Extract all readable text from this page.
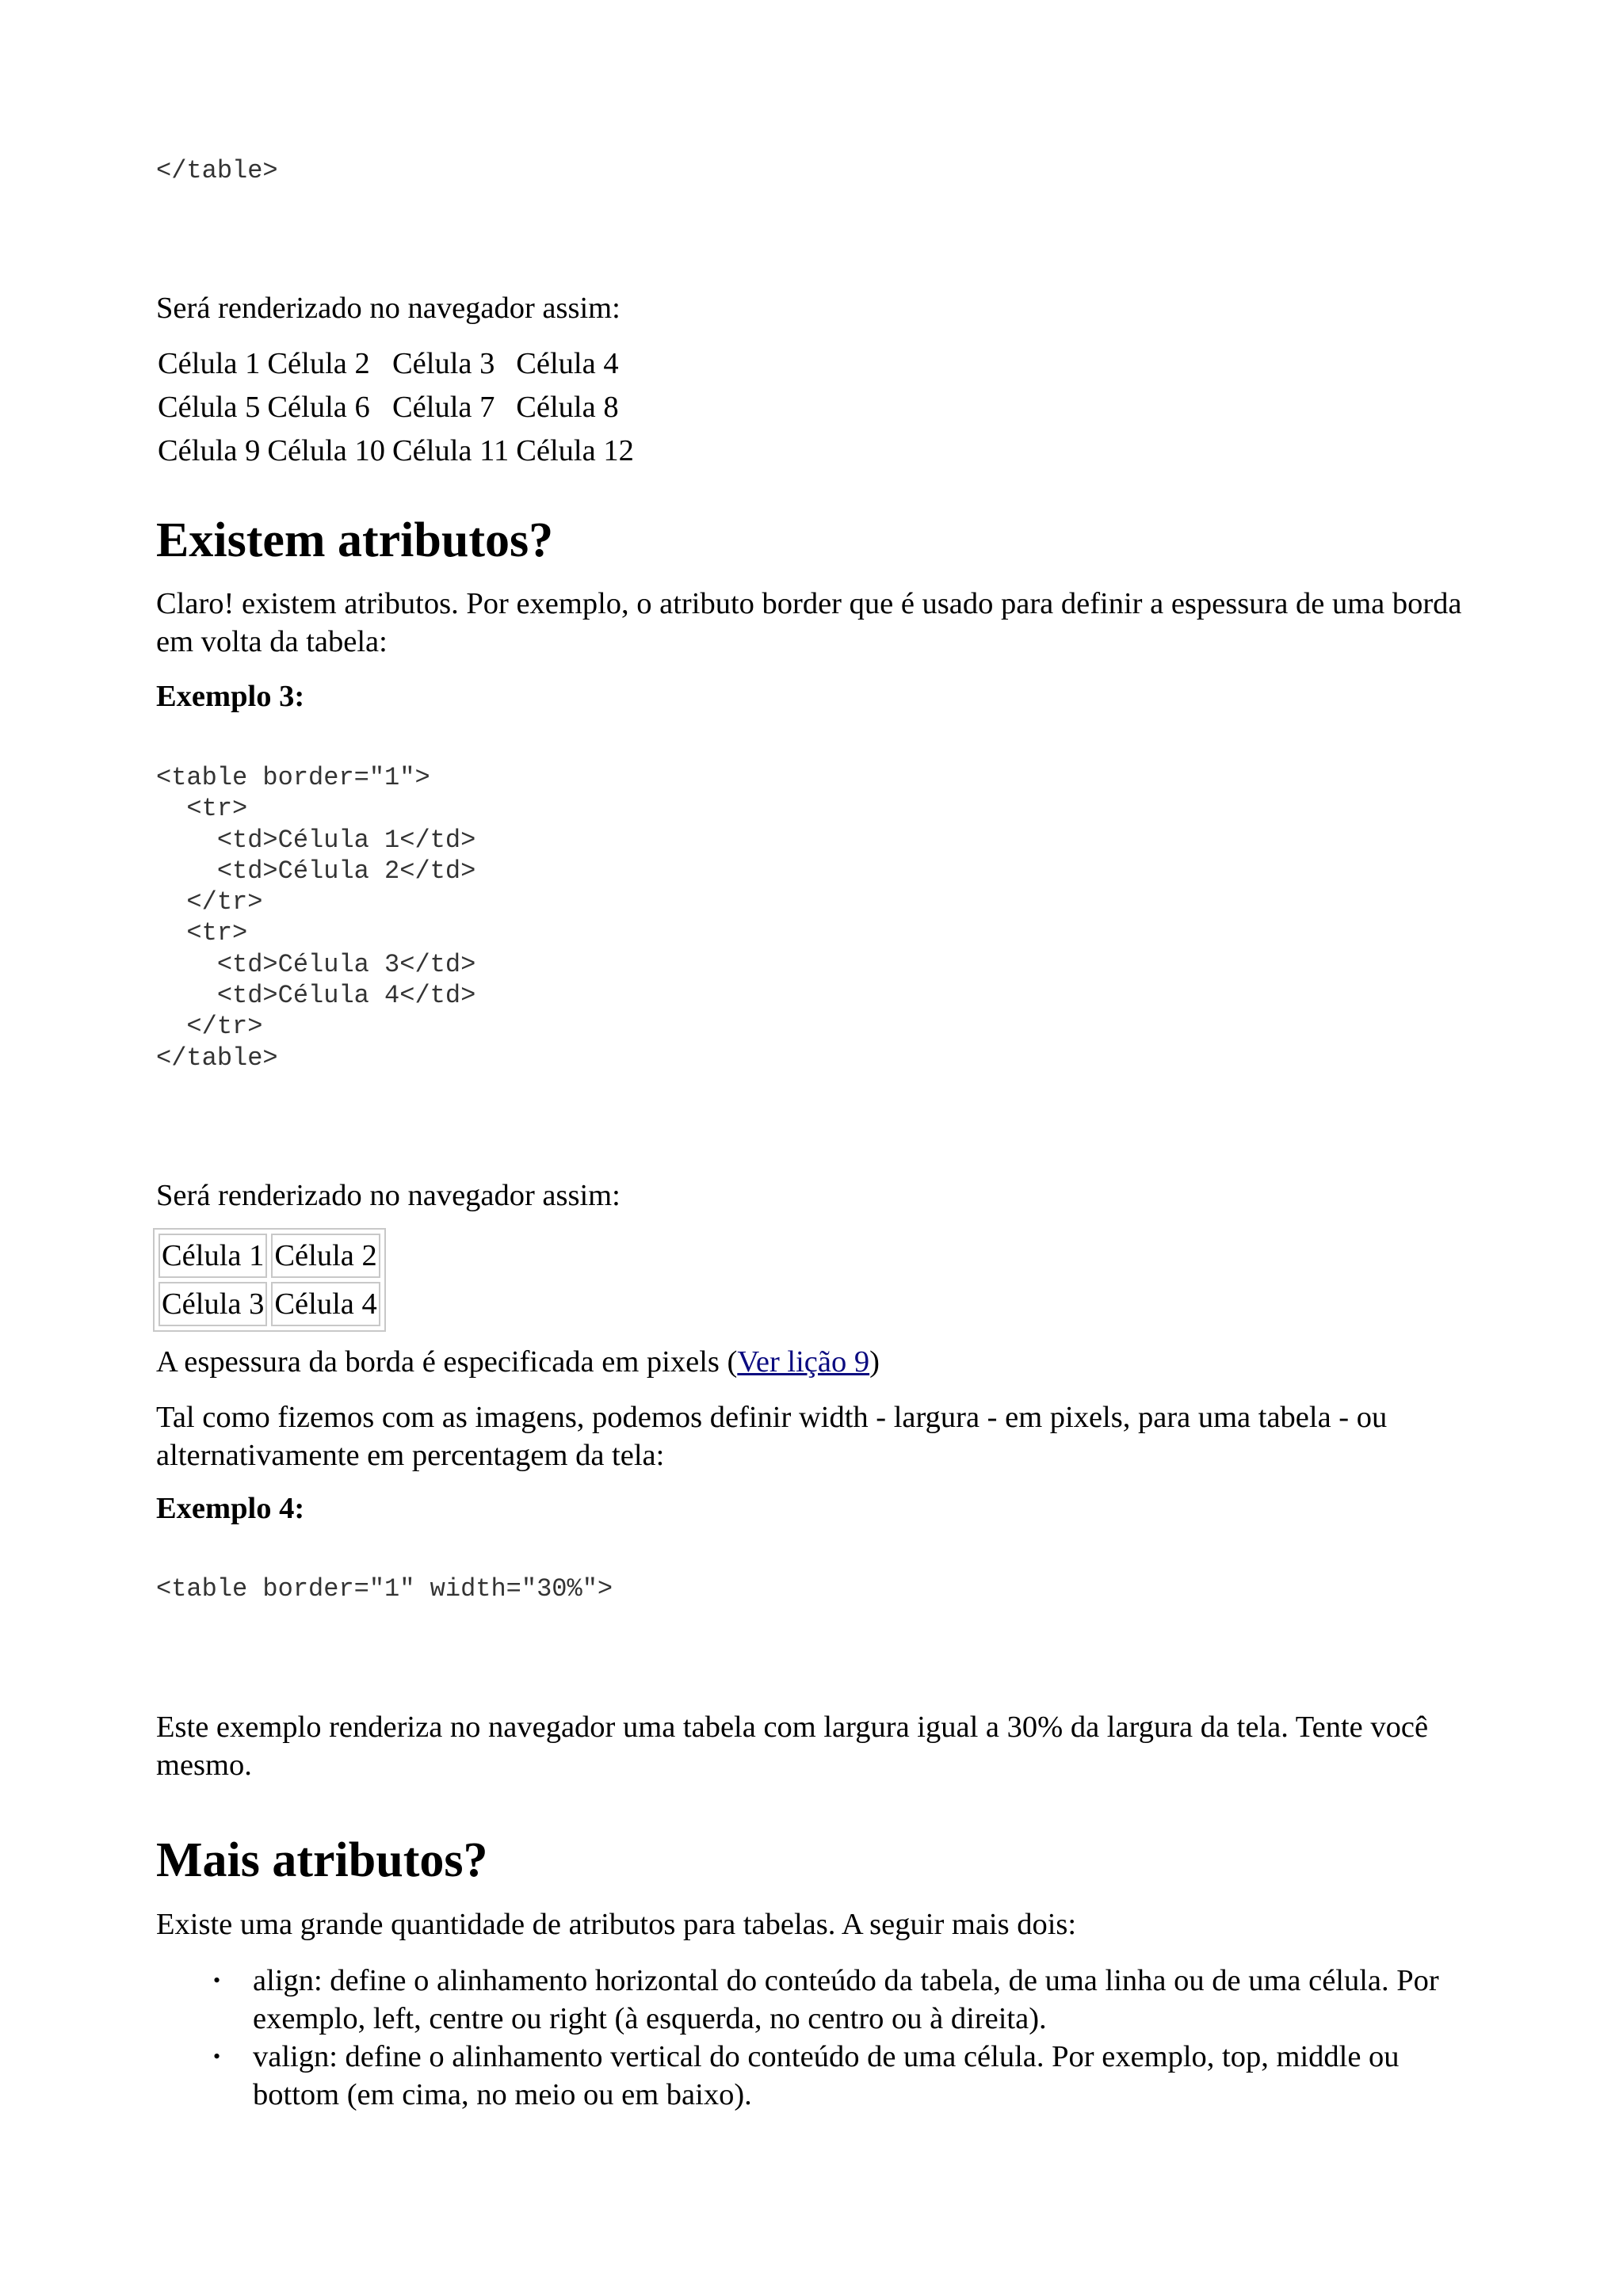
</table>

Será renderizado no navegador assim:

Célula 1	Célula 2	Célula 3	Célula 4
Célula 5	Célula 6	Célula 7	Célula 8
Célula 9	Célula 10	Célula 11	Célula 12
Existem atributos?

Claro! existem atributos. Por exemplo, o atributo border que é usado para definir a espessura de uma borda em volta da tabela:

Exemplo 3:

<table border="1">
<tr>
<td>Célula 1</td>
<td>Célula 2</td>
</tr>
<tr>
<td>Célula 3</td>
<td>Célula 4</td>
</tr>
</table>

Será renderizado no navegador assim:

Célula 1	Célula 2
Célula 3	Célula 4

A espessura da borda é especificada em pixels (Ver lição 9)

Tal como fizemos com as imagens, podemos definir width - largura - em pixels, para uma tabela - ou alternativamente em percentagem da tela:

Exemplo 4:

<table border="1" width="30%">

Este exemplo renderiza no navegador uma tabela com largura igual a 30% da largura da tela. Tente você mesmo.

Mais atributos?

Existe uma grande quantidade de atributos para tabelas. A seguir mais dois:

• align: define o alinhamento horizontal do conteúdo da tabela, de uma linha ou de uma célula. Por exemplo, left, centre ou right (à esquerda, no centro ou à direita).
• valign: define o alinhamento vertical do conteúdo de uma célula. Por exemplo, top, middle ou bottom (em cima, no meio ou em baixo).
